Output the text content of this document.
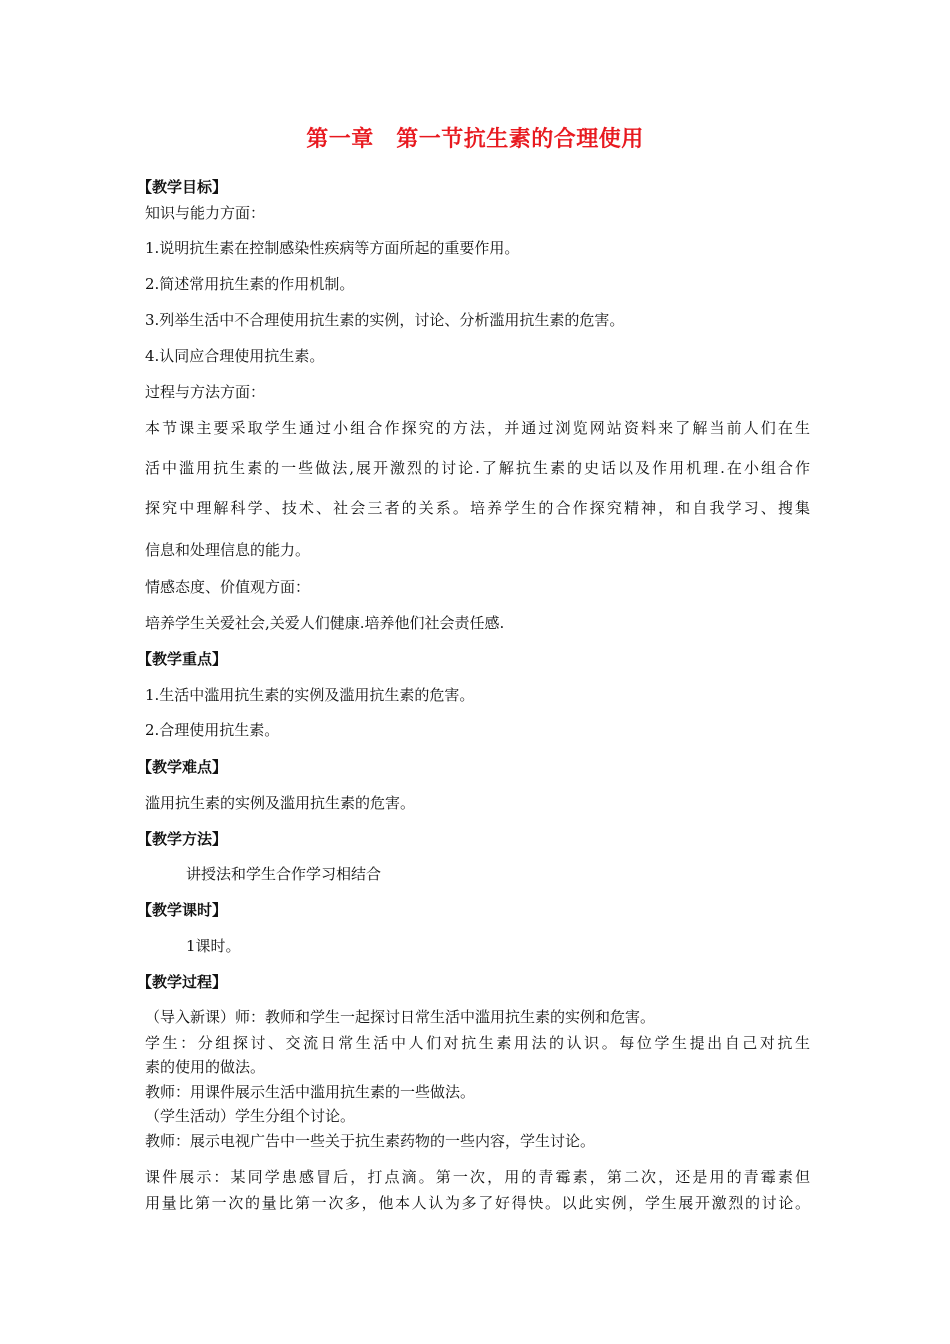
第一章　第一节抗生素的合理使用
【教学目标】
知识与能力方面：
1.说明抗生素在控制感染性疾病等方面所起的重要作用。
2.简述常用抗生素的作用机制。
3.列举生活中不合理使用抗生素的实例，讨论、分析滥用抗生素的危害。
4.认同应合理使用抗生素。
过程与方法方面：
本节课主要采取学生通过小组合作探究的方法，并通过浏览网站资料来了解当前人们在生
活中滥用抗生素的一些做法,展开激烈的讨论.了解抗生素的史话以及作用机理.在小组合作
探究中理解科学、技术、社会三者的关系。培养学生的合作探究精神，和自我学习、搜集
信息和处理信息的能力。
情感态度、价值观方面：
培养学生关爱社会,关爱人们健康.培养他们社会责任感.
【教学重点】
1.生活中滥用抗生素的实例及滥用抗生素的危害。
2.合理使用抗生素。
【教学难点】
滥用抗生素的实例及滥用抗生素的危害。
【教学方法】
讲授法和学生合作学习相结合
【教学课时】
1课时。
【教学过程】
（导入新课）师：教师和学生一起探讨日常生活中滥用抗生素的实例和危害。
学生：分组探讨、交流日常生活中人们对抗生素用法的认识。每位学生提出自己对抗生
素的使用的做法。
教师：用课件展示生活中滥用抗生素的一些做法。
（学生活动）学生分组个讨论。
教师：展示电视广告中一些关于抗生素药物的一些内容，学生讨论。
课件展示：某同学患感冒后，打点滴。第一次，用的青霉素，第二次，还是用的青霉素但
用量比第一次的量比第一次多，他本人认为多了好得快。以此实例，学生展开激烈的讨论。
